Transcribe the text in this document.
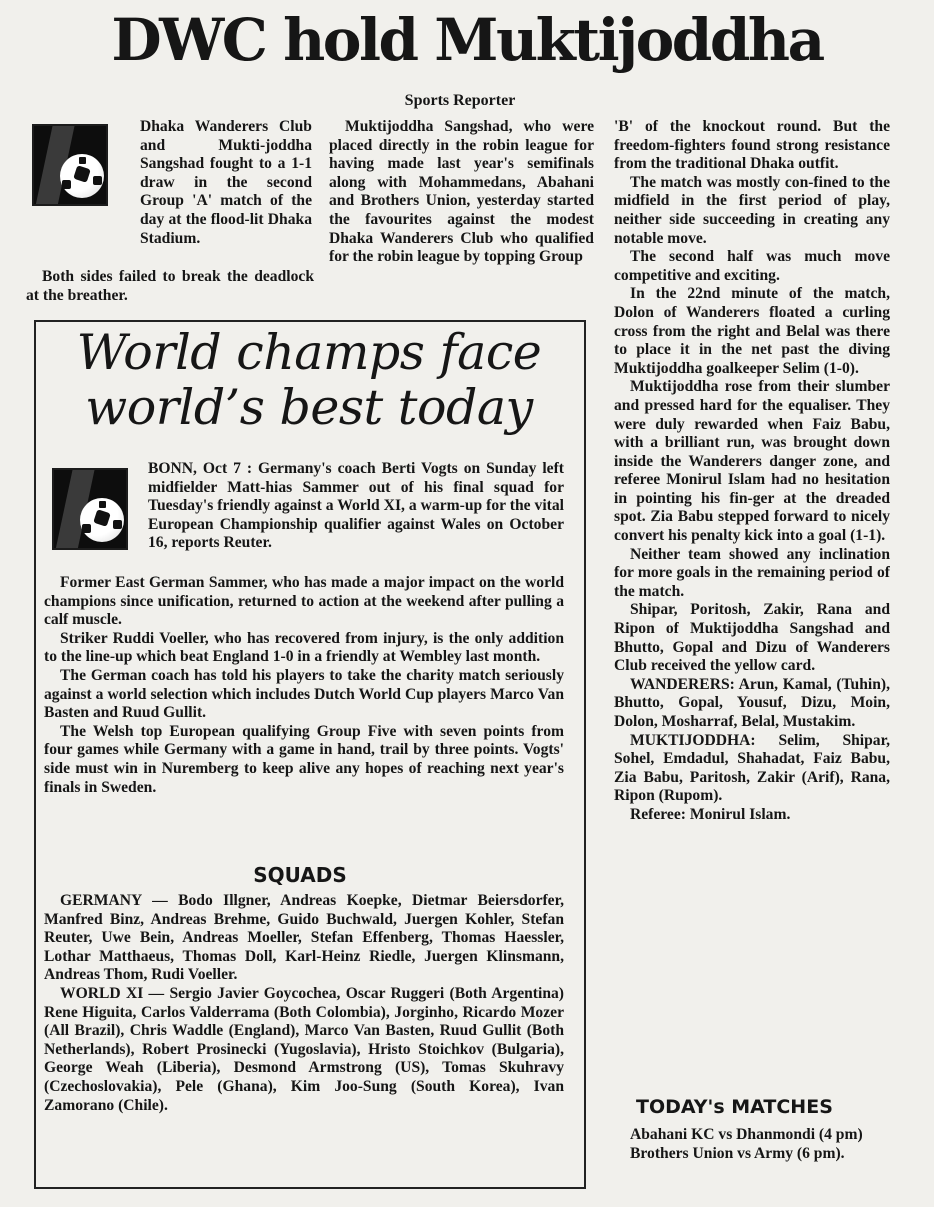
DWC hold Muktijoddha
Sports Reporter

Dhaka Wanderers Club and Mukti-joddha Sangshad fought to a 1-1 draw in the second Group 'A' match of the day at the flood-lit Dhaka Stadium.

Muktijoddha Sangshad, who were placed directly in the robin league for having made last year's semifinals along with Mohammedans, Abahani and Brothers Union, yesterday started the favourites against the modest Dhaka Wanderers Club who qualified for the robin league by topping Group

Both sides failed to break the deadlock at the breather.

'B' of the knockout round. But the freedom-fighters found strong resistance from the traditional Dhaka outfit.

The match was mostly con-fined to the midfield in the first period of play, neither side succeeding in creating any notable move.

The second half was much move competitive and exciting.

In the 22nd minute of the match, Dolon of Wanderers floated a curling cross from the right and Belal was there to place it in the net past the diving Muktijoddha goalkeeper Selim (1-0).

Muktijoddha rose from their slumber and pressed hard for the equaliser. They were duly rewarded when Faiz Babu, with a brilliant run, was brought down inside the Wanderers danger zone, and referee Monirul Islam had no hesitation in pointing his fin-ger at the dreaded spot. Zia Babu stepped forward to nicely convert his penalty kick into a goal (1-1).

Neither team showed any inclination for more goals in the remaining period of the match.

Shipar, Poritosh, Zakir, Rana and Ripon of Muktijoddha Sangshad and Bhutto, Gopal and Dizu of Wanderers Club received the yellow card.

WANDERERS: Arun, Kamal, (Tuhin), Bhutto, Gopal, Yousuf, Dizu, Moin, Dolon, Mosharraf, Belal, Mustakim.

MUKTIJODDHA: Selim, Shipar, Sohel, Emdadul, Shahadat, Faiz Babu, Zia Babu, Paritosh, Zakir (Arif), Rana, Ripon (Rupom).

Referee: Monirul Islam.

TODAY's MATCHES

Abahani KC vs Dhanmondi (4 pm)

Brothers Union vs Army (6 pm).

World champs face
world’s best today

BONN, Oct 7 : Germany's coach Berti Vogts on Sunday left midfielder Matt-hias Sammer out of his final squad for Tuesday's friendly against a World XI, a warm-up for the vital European Championship qualifier against Wales on October 16, reports Reuter.

Former East German Sammer, who has made a major impact on the world champions since unification, returned to action at the weekend after pulling a calf muscle.

Striker Ruddi Voeller, who has recovered from injury, is the only addition to the line-up which beat England 1-0 in a friendly at Wembley last month.

The German coach has told his players to take the charity match seriously against a world selection which includes Dutch World Cup players Marco Van Basten and Ruud Gullit.

The Welsh top European qualifying Group Five with seven points from four games while Germany with a game in hand, trail by three points. Vogts' side must win in Nuremberg to keep alive any hopes of reaching next year's finals in Sweden.

SQUADS

GERMANY — Bodo Illgner, Andreas Koepke, Dietmar Beiersdorfer, Manfred Binz, Andreas Brehme, Guido Buchwald, Juergen Kohler, Stefan Reuter, Uwe Bein, Andreas Moeller, Stefan Effenberg, Thomas Haessler, Lothar Matthaeus, Thomas Doll, Karl-Heinz Riedle, Juergen Klinsmann, Andreas Thom, Rudi Voeller.

WORLD XI — Sergio Javier Goycochea, Oscar Ruggeri (Both Argentina) Rene Higuita, Carlos Valderrama (Both Colombia), Jorginho, Ricardo Mozer (All Brazil), Chris Waddle (England), Marco Van Basten, Ruud Gullit (Both Netherlands), Robert Prosinecki (Yugoslavia), Hristo Stoichkov (Bulgaria), George Weah (Liberia), Desmond Armstrong (US), Tomas Skuhravy (Czechoslovakia), Pele (Ghana), Kim Joo-Sung (South Korea), Ivan Zamorano (Chile).
